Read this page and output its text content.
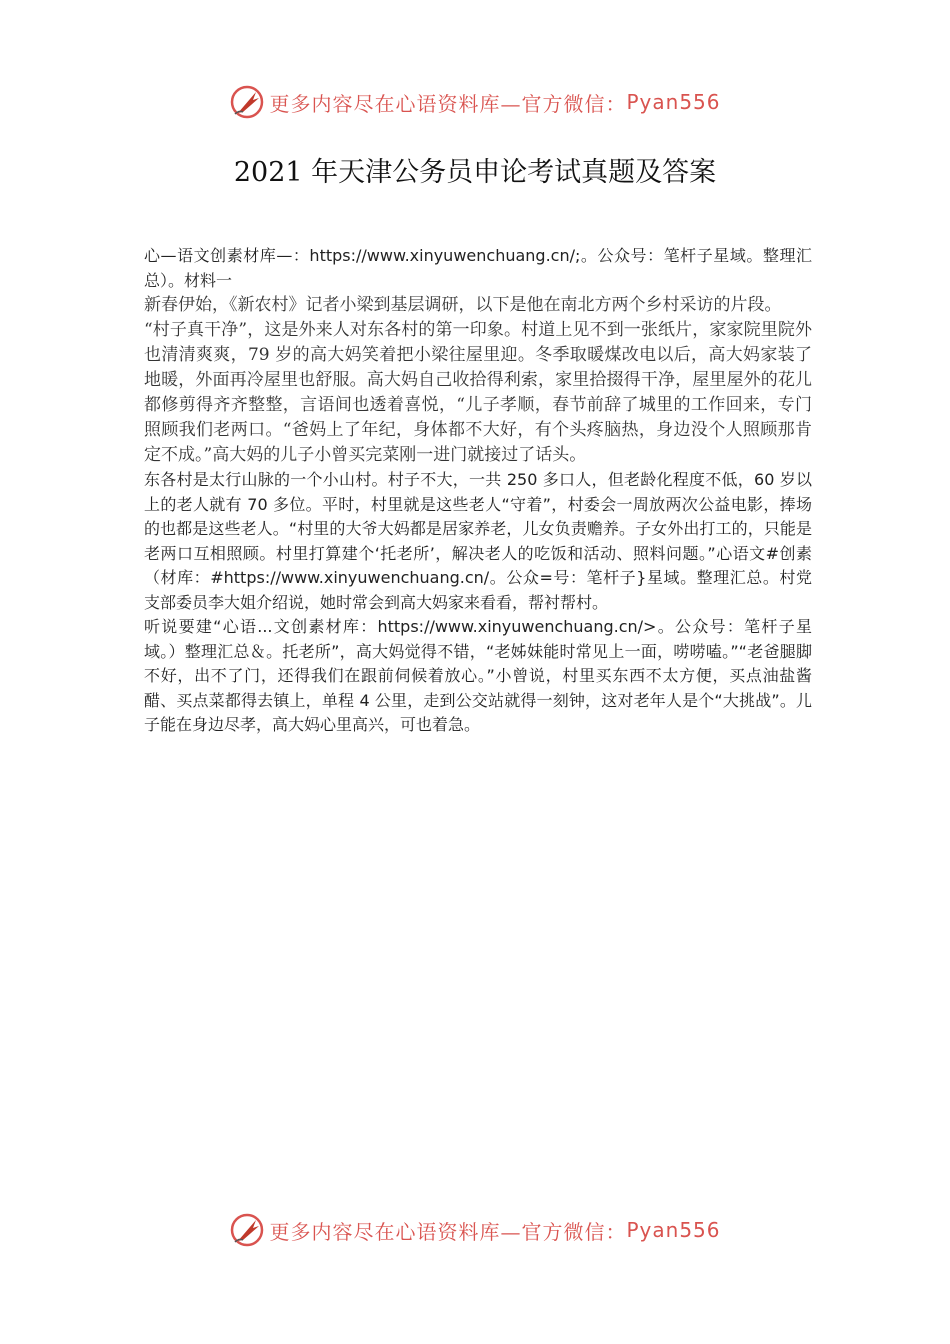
更多内容尽在心语资料库—官方微信： Pyan556
2021 年天津公务员申论考试真题及答案

心—语文创素材库—：https://www.xinyuwenchuang.cn/;。公众号：笔杆子星域。整理汇总）。材料一

新春伊始，《新农村》记者小梁到基层调研，以下是他在南北方两个乡村采访的片段。

“村子真干净”，这是外来人对东各村的第一印象。村道上见不到一张纸片，家家院里院外也清清爽爽，79 岁的高大妈笑着把小梁往屋里迎。冬季取暖煤改电以后，高大妈家装了地暖，外面再冷屋里也舒服。高大妈自己收拾得利索，家里拾掇得干净，屋里屋外的花儿都修剪得齐齐整整，言语间也透着喜悦，“儿子孝顺，春节前辞了城里的工作回来，专门照顾我们老两口。“爸妈上了年纪，身体都不大好，有个头疼脑热，身边没个人照顾那肯定不成。”高大妈的儿子小曾买完菜刚一进门就接过了话头。

东各村是太行山脉的一个小山村。村子不大，一共 250 多口人，但老龄化程度不低，60 岁以上的老人就有 70 多位。平时，村里就是这些老人“守着”，村委会一周放两次公益电影，捧场的也都是这些老人。“村里的大爷大妈都是居家养老，儿女负责赡养。子女外出打工的，只能是老两口互相照顾。村里打算建个‘托老所’，解决老人的吃饭和活动、照料问题。”心语文#创素（材库：#https://www.xinyuwenchuang.cn/。公众=号：笔杆子}星域。整理汇总。村党支部委员李大姐介绍说，她时常会到高大妈家来看看，帮衬帮村。

听说要建“心语...文创素材库：https://www.xinyuwenchuang.cn/>。公众号：笔杆子星域。）整理汇总＆。托老所”，高大妈觉得不错，“老姊妹能时常见上一面，唠唠嗑。”“老爸腿脚不好，出不了门，还得我们在跟前伺候着放心。”小曾说，村里买东西不太方便，买点油盐酱醋、买点菜都得去镇上，单程 4 公里，走到公交站就得一刻钟，这对老年人是个“大挑战”。儿子能在身边尽孝，高大妈心里高兴，可也着急。

更多内容尽在心语资料库—官方微信： Pyan556
